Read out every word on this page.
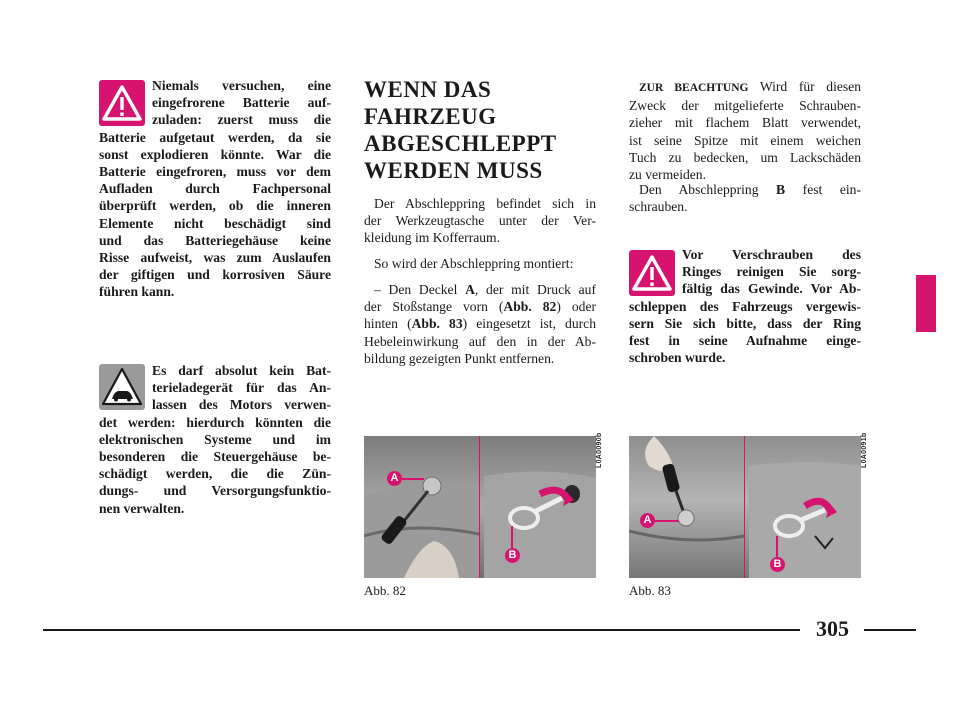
Niemals versuchen, eine
eingefrorene Batterie auf-
zuladen: zuerst muss die
Batterie aufgetaut werden, da sie
sonst explodieren könnte. War die
Batterie eingefroren, muss vor dem
Aufladen durch Fachpersonal
überprüft werden, ob die inneren
Elemente nicht beschädigt sind
und das Batteriegehäuse keine
Risse aufweist, was zum Auslaufen
der giftigen und korrosiven Säure
führen kann.
Es darf absolut kein Bat-
terieladegerät für das An-
lassen des Motors verwen-
det werden: hierdurch könnten die
elektronischen Systeme und im
besonderen die Steuergehäuse be-
schädigt werden, die die Zün-
dungs- und Versorgungsfunktio-
nen verwalten.
WENN DAS
FAHRZEUG
ABGESCHLEPPT
WERDEN MUSS
Der Abschleppring befindet sich in
der Werkzeugtasche unter der Ver-
kleidung im Kofferraum.
So wird der Abschleppring montiert:
– Den Deckel A, der mit Druck auf
der Stoßstange vorn (Abb. 82) oder
hinten (Abb. 83) eingesetzt ist, durch
Hebeleinwirkung auf den in der Ab-
bildung gezeigten Punkt entfernen.
A
B
L0A0090b
Abb. 82
ZUR BEACHTUNG Wird für diesen
Zweck der mitgelieferte Schrauben-
zieher mit flachem Blatt verwendet,
ist seine Spitze mit einem weichen
Tuch zu bedecken, um Lackschäden
zu vermeiden.
Den Abschleppring B fest ein-
schrauben.
Vor Verschrauben des
Ringes reinigen Sie sorg-
fältig das Gewinde. Vor Ab-
schleppen des Fahrzeugs vergewis-
sern Sie sich bitte, dass der Ring
fest in seine Aufnahme einge-
schroben wurde.
A
B
L0A0091b
Abb. 83
305
